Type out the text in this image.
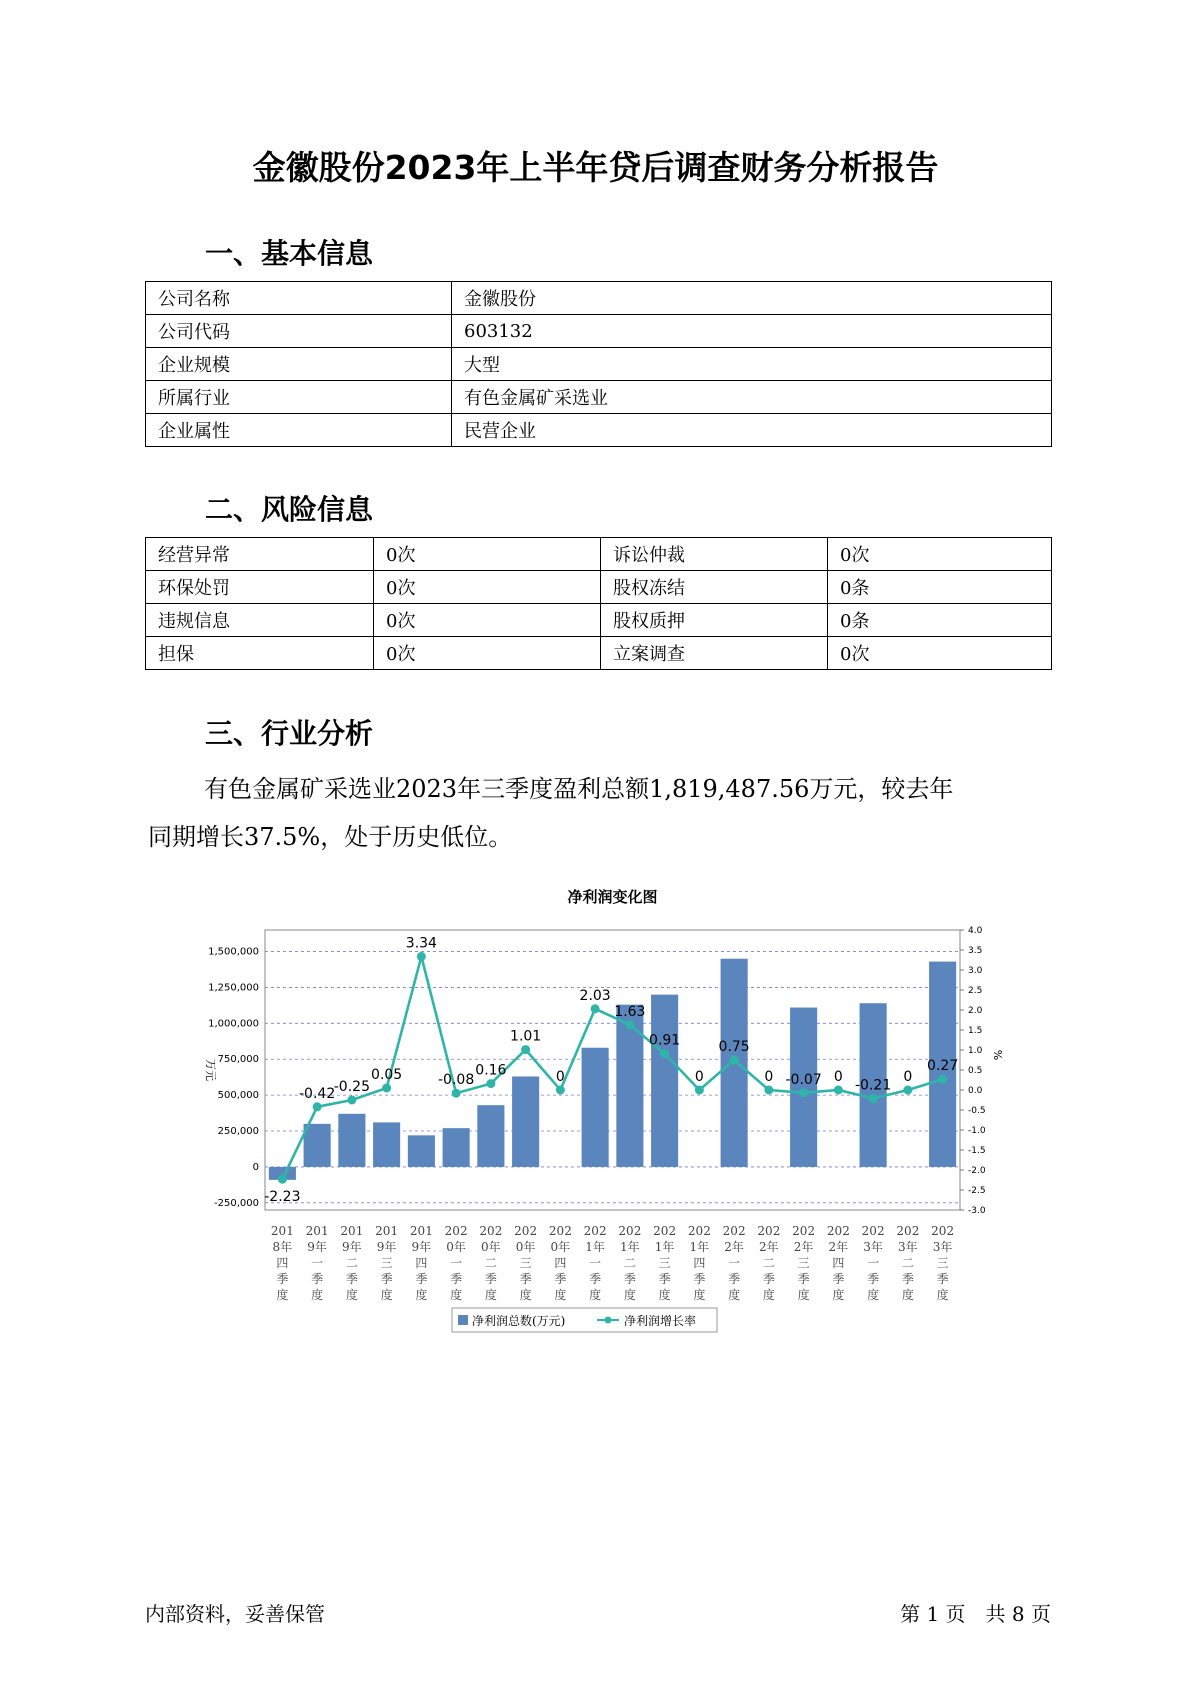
金徽股份2023年上半年贷后调查财务分析报告
一、基本信息
公司名称	金徽股份
公司代码	603132
企业规模	大型
所属行业	有色金属矿采选业
企业属性	民营企业
二、风险信息
经营异常	0次	诉讼仲裁	0次
环保处罚	0次	股权冻结	0条
违规信息	0次	股权质押	0条
担保	0次	立案调查	0次
三、行业分析
有色金属矿采选业2023年三季度盈利总额1,819,487.56万元，较去年
同期增长37.5%，处于历史低位。
净利润变化图
-250,000
0
250,000
500,000
750,000
1,000,000
1,250,000
1,500,000
-3.0
-2.5
-2.0
-1.5
-1.0
-0.5
0.0
0.5
1.0
1.5
2.0
2.5
3.0
3.5
4.0
万元
%
-2.23
-0.42
-0.25
0.05
3.34
-0.08
0.16
1.01
0
2.03
1.63
0.91
0
0.75
0 -0.07 0
-0.21
0
0.27
201
8年
四
季
度
201
9年
一
季
度
201
9年
二
季
度
201
9年
三
季
度
201
9年
四
季
度
202
0年
一
季
度
202
0年
二
季
度
202
0年
三
季
度
202
0年
四
季
度
202
1年
一
季
度
202
1年
二
季
度
202
1年
三
季
度
202
1年
四
季
度
202
2年
一
季
度
202
2年
二
季
度
202
2年
三
季
度
202
2年
四
季
度
202
3年
一
季
度
202
3年
二
季
度
202
3年
三
季
度
净利润总数(万元)	净利润增长率
内部资料，妥善保管	第 1 页　共 8 页
